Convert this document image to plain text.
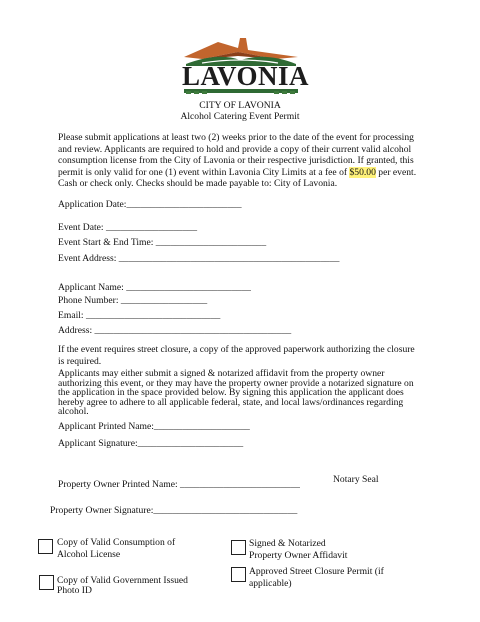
LAVONIA
CITY OF LAVONIA
Alcohol Catering Event Permit
Please submit applications at least two (2) weeks prior to the date of the event for processing and review. Applicants are required to hold and provide a copy of their current valid alcohol consumption license from the City of Lavonia or their respective jurisdiction. If granted, this permit is only valid for one (1) event within Lavonia City Limits at a fee of $50.00 per event. Cash or check only. Checks should be made payable to: City of Lavonia.
Application Date:________________________
Event Date: ___________________
Event Start & End Time: _______________________
Event Address: ______________________________________________
Applicant Name: __________________________
Phone Number: __________________
Email: ____________________________
Address: _________________________________________
If the event requires street closure, a copy of the approved paperwork authorizing the closure is required.
Applicants may either submit a signed & notarized affidavit from the property owner authorizing this event, or they may have the property owner provide a notarized signature on the application in the space provided below. By signing this application the applicant does hereby agree to adhere to all applicable federal, state, and local laws/ordinances regarding alcohol.
Applicant Printed Name:____________________
Applicant Signature:______________________
Property Owner Printed Name: _________________________	Notary Seal
Property Owner Signature:______________________________
Copy of Valid Consumption of
Alcohol License
Signed & Notarized
Property Owner Affidavit
Copy of Valid Government Issued
Photo ID
Approved Street Closure Permit (if
applicable)
